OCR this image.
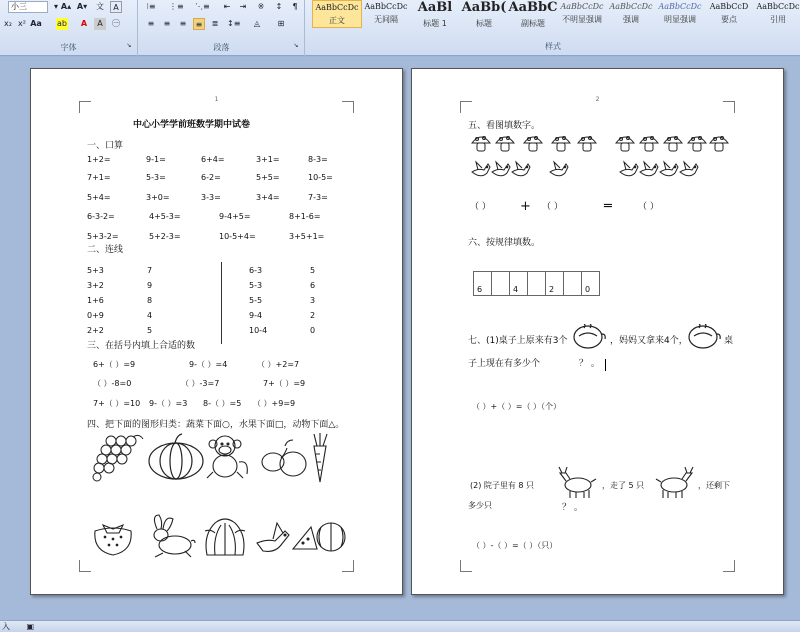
小三	▾ A▴ A▾ 文	A
x₂ x² Aa ab	A	A	㊀
字体	↘
⁝≡ ⋮≡ ⋱≡	⇤	⇥	※	↕	¶
≡	≡	≡	≡	≣	↕≡	◬	⊞
段落	↘
AaBbCcDc
正文
AaBbCcDc
无间隔
AaBl
标题 1
AaBb(
标题
AaBbC
副标题
AaBbCcDc
不明显强调
AaBbCcDc
强调
AaBbCcDc
明显强调
AaBbCcD
要点
AaBbCcDc
引用
样式
1
中心小学学前班数学期中试卷
一、口算
1+2=	9-1=	6+4=	3+1=	8-3=
7+1=	5-3=	6-2=	5+5=	10-5=
5+4=	3+0=	3-3=	3+4=	7-3=
6-3-2=	4+5-3=	9-4+5=	8+1-6=
5+3-2=	5+2-3=	10-5+4=	3+5+1=
二、连线
5+3
3+2
1+6
0+9
2+2
7
9
8
4
5
6-3
5-3
5-5
9-4
10-4
5
6
3
2
0
三、在括号内填上合适的数
6+（ ）=9	9-（ ）=4	（ ）+2=7
（ ）-8=0	（ ）-3=7	7+（ ）=9
7+（ ）=10 9-（ ）=3 8-（ ）=5 （ ）+9=9
四、把下面的图形归类：蔬菜下面○，水果下面□，动物下面△。
2
五、看图填数字。
（ ） + （ ）	═	（ ）
六、按规律填数。
6		4		2		0
七、(1)桌子上原来有3个	，妈妈又拿来4个，	桌
子上现在有多少个	？ 。
（ ）+（ ）=（ ）（个）
(2) 院子里有 8 只	，走了 5 只	，还剩下
多少只	？ 。
（ ）-（ ）=（ ）（只）
入 ▣
